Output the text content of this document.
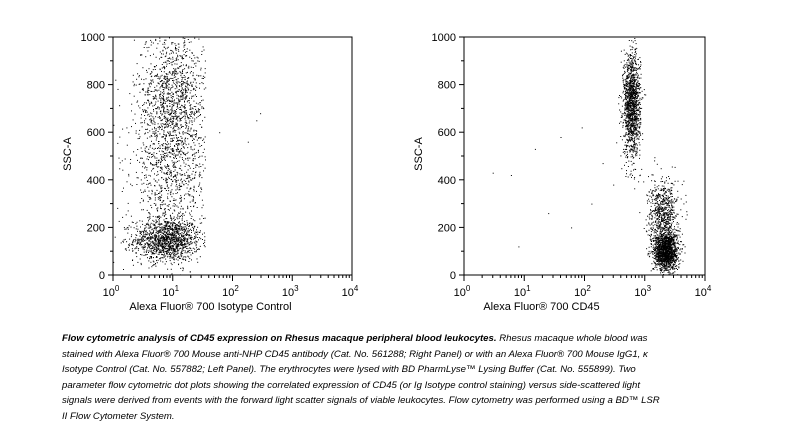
0
200
400
600
800
1000
$10^0$	$10^1$	$10^2$	$10^3$	$10^4$
Alexa Fluor® 700 Isotype Control
SSC-A
0
200
400
600
800
1000
$10^0$	$10^1$	$10^2$	$10^3$	$10^4$
Alexa Fluor® 700 CD45
SSC-A

Flow cytometric analysis of CD45 expression on Rhesus macaque peripheral blood leukocytes. Rhesus macaque whole blood was stained with Alexa Fluor® 700 Mouse anti-NHP CD45 antibody (Cat. No. 561288; Right Panel) or with an Alexa Fluor® 700 Mouse IgG1, κ Isotype Control (Cat. No. 557882; Left Panel). The erythrocytes were lysed with BD PharmLyse™ Lysing Buffer (Cat. No. 555899). Two parameter flow cytometric dot plots showing the correlated expression of CD45 (or Ig Isotype control staining) versus side-scattered light signals were derived from events with the forward light scatter signals of viable leukocytes. Flow cytometry was performed using a BD™ LSR II Flow Cytometer System.
